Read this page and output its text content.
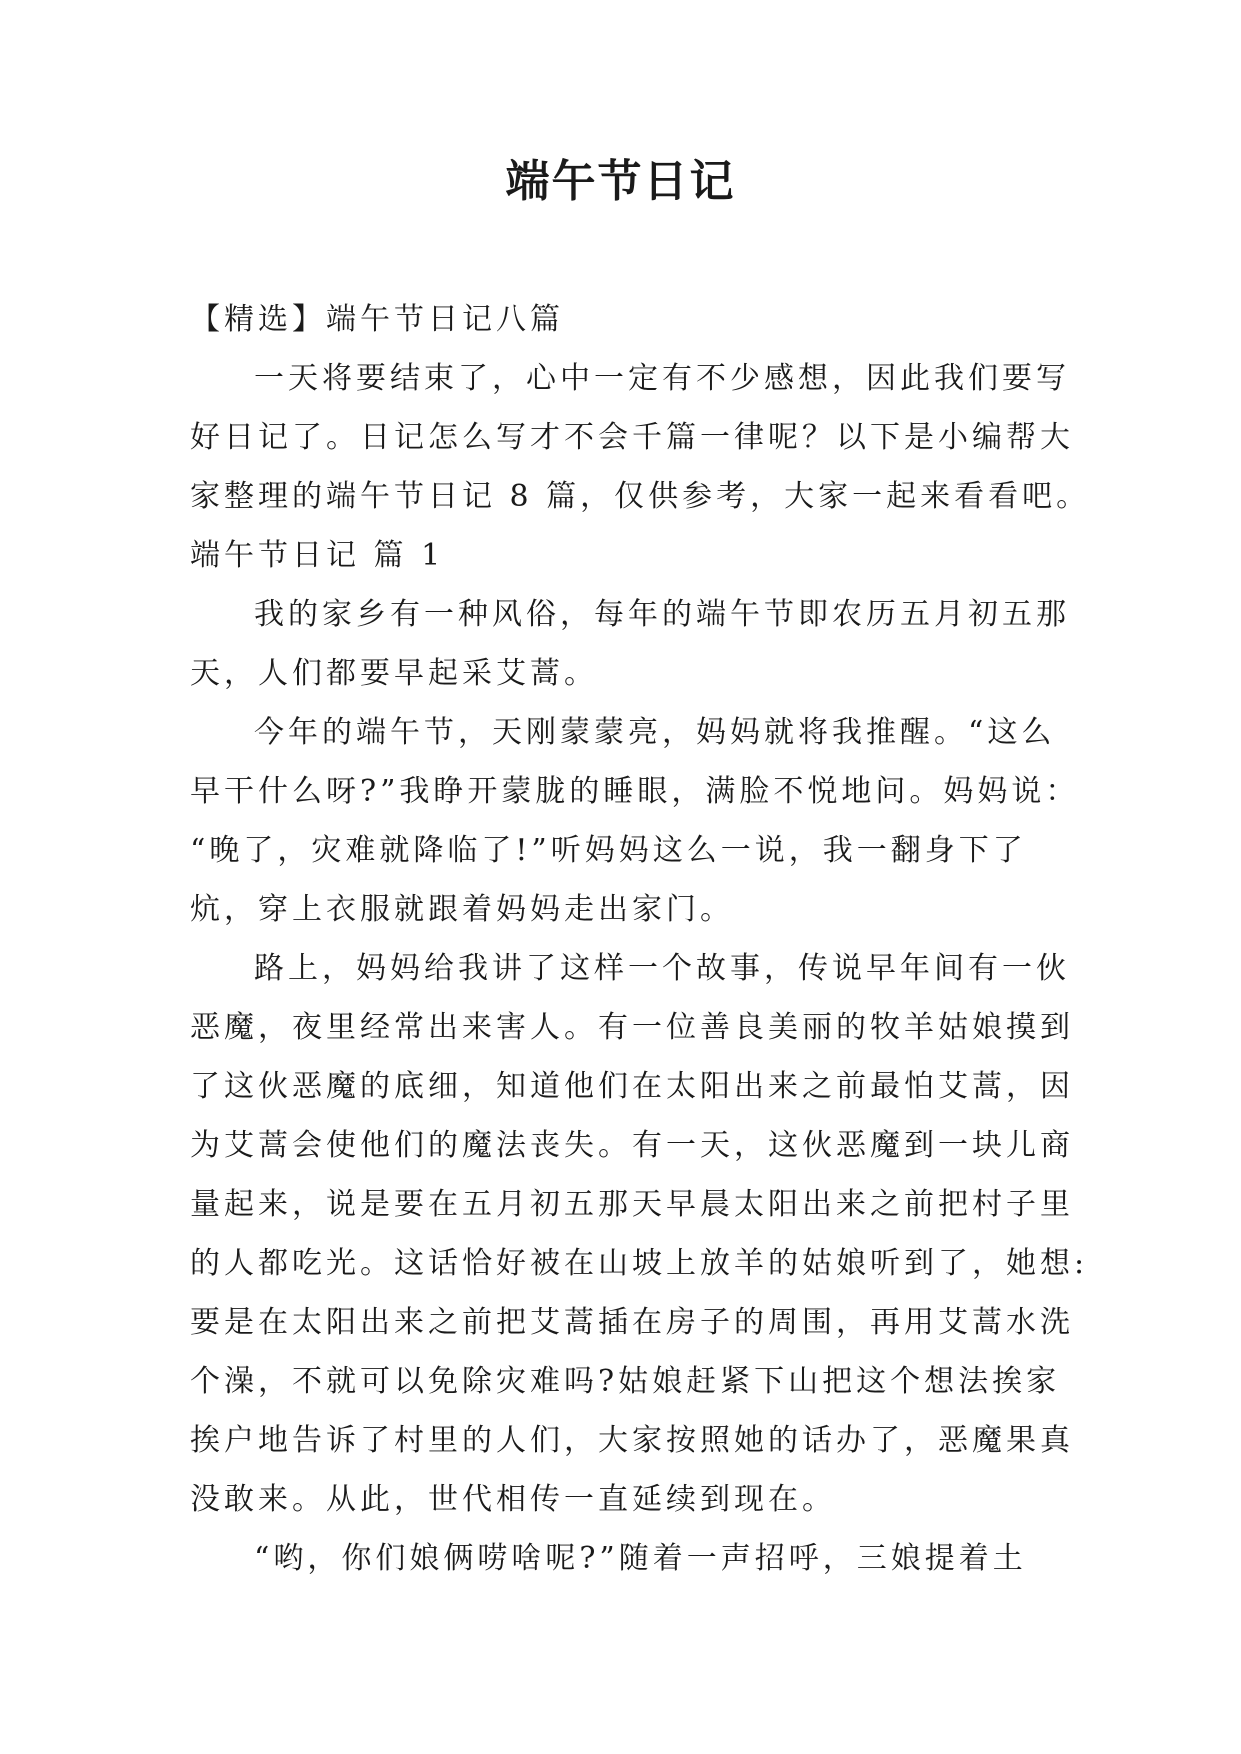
端午节日记
【精选】端午节日记八篇
一天将要结束了，心中一定有不少感想，因此我们要写
好日记了。日记怎么写才不会千篇一律呢？以下是小编帮大
家整理的端午节日记 8 篇，仅供参考，大家一起来看看吧。
端午节日记 篇 1
我的家乡有一种风俗，每年的端午节即农历五月初五那
天，人们都要早起采艾蒿。
今年的端午节，天刚蒙蒙亮，妈妈就将我推醒。“这么
早干什么呀?”我睁开蒙胧的睡眼，满脸不悦地问。妈妈说：
“晚了，灾难就降临了!”听妈妈这么一说，我一翻身下了
炕，穿上衣服就跟着妈妈走出家门。
路上，妈妈给我讲了这样一个故事，传说早年间有一伙
恶魔，夜里经常出来害人。有一位善良美丽的牧羊姑娘摸到
了这伙恶魔的底细，知道他们在太阳出来之前最怕艾蒿，因
为艾蒿会使他们的魔法丧失。有一天，这伙恶魔到一块儿商
量起来，说是要在五月初五那天早晨太阳出来之前把村子里
的人都吃光。这话恰好被在山坡上放羊的姑娘听到了，她想:
要是在太阳出来之前把艾蒿插在房子的周围，再用艾蒿水洗
个澡，不就可以免除灾难吗?姑娘赶紧下山把这个想法挨家
挨户地告诉了村里的人们，大家按照她的话办了，恶魔果真
没敢来。从此，世代相传一直延续到现在。
“哟，你们娘俩唠啥呢?”随着一声招呼，三娘提着土
